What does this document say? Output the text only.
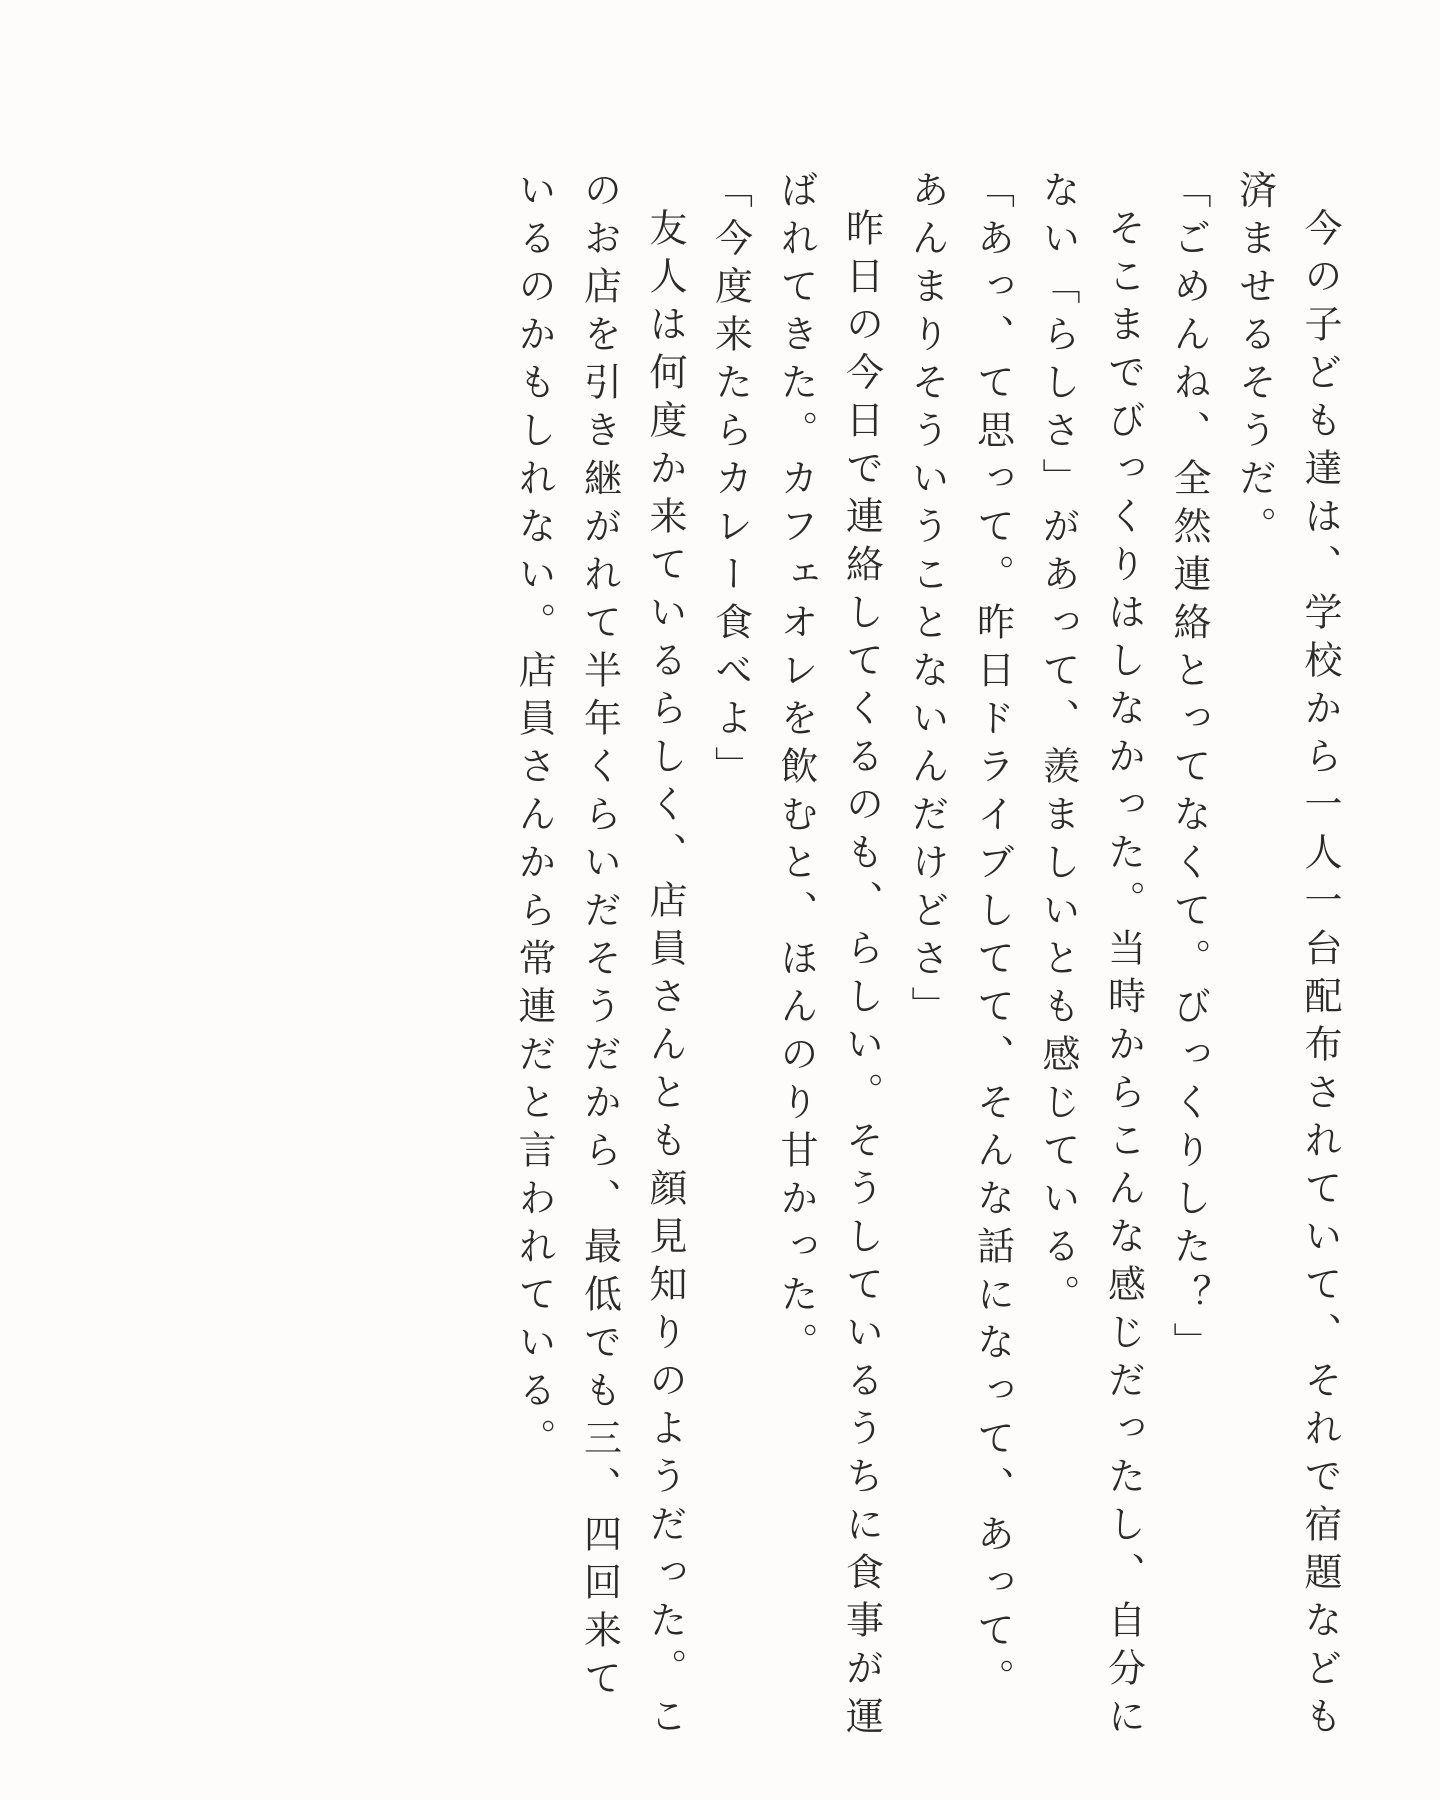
今の子ども達は、学校から一人一台配布されていて、それで宿題なども済ませるそうだ。

「ごめんね、全然連絡とってなくて。びっくりした？」

そこまでびっくりはしなかった。当時からこんな感じだったし、自分にない「らしさ」があって、羨ましいとも感じている。

「あっ、て思って。昨日ドライブしてて、そんな話になって、あって。あんまりそういうことないんだけどさ」

昨日の今日で連絡してくるのも、らしい。そうしているうちに食事が運ばれてきた。カフェオレを飲むと、ほんのり甘かった。

「今度来たらカレー食べよ」

友人は何度か来ているらしく、店員さんとも顔見知りのようだった。このお店を引き継がれて半年くらいだそうだから、最低でも三、四回来ているのかもしれない。店員さんから常連だと言われている。
